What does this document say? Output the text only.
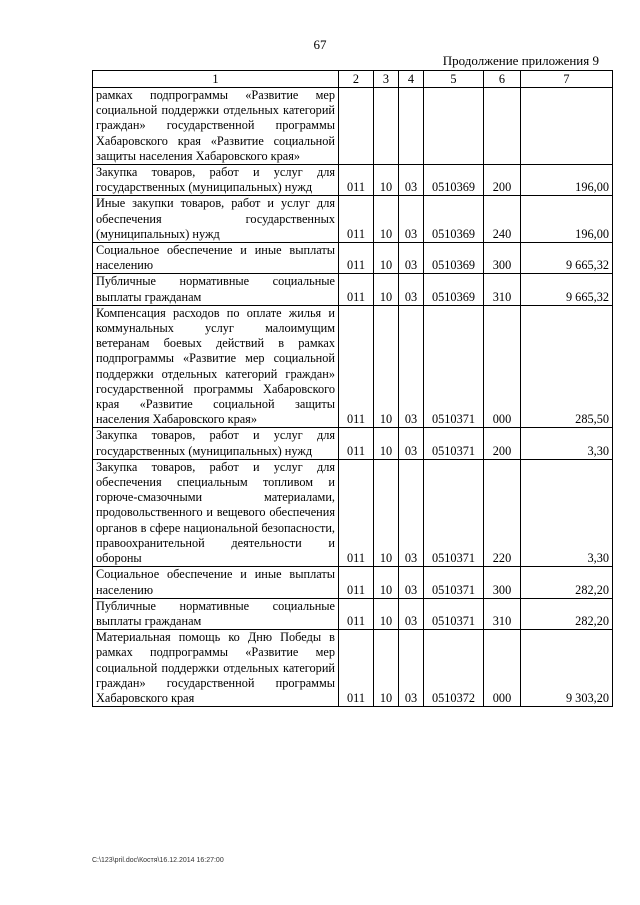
67
Продолжение приложения 9
1	2	3	4	5	6	7
рамках подпрограммы «Развитие мер социальной поддержки отдельных категорий граждан» государственной программы Хабаровского края «Развитие социальной защиты населения Хабаровского края»						
Закупка товаров, работ и услуг для государственных (муниципальных) нужд	011	10	03	0510369	200	196,00
Иные закупки товаров, работ и услуг для обеспечения государственных (муниципальных) нужд	011	10	03	0510369	240	196,00
Социальное обеспечение и иные выплаты населению	011	10	03	0510369	300	9 665,32
Публичные нормативные социальные выплаты гражданам	011	10	03	0510369	310	9 665,32
Компенсация расходов по оплате жилья и коммунальных услуг малоимущим ветеранам боевых действий в рамках подпрограммы «Развитие мер социальной поддержки отдельных категорий граждан» государственной программы Хабаровского края «Развитие социальной защиты населения Хабаровского края»	011	10	03	0510371	000	285,50
Закупка товаров, работ и услуг для государственных (муниципальных) нужд	011	10	03	0510371	200	3,30
Закупка товаров, работ и услуг для обеспечения специальным топливом и горюче-смазочными материалами, продовольственного и вещевого обеспечения органов в сфере национальной безопасности, правоохранительной деятельности и обороны	011	10	03	0510371	220	3,30
Социальное обеспечение и иные выплаты населению	011	10	03	0510371	300	282,20
Публичные нормативные социальные выплаты гражданам	011	10	03	0510371	310	282,20
Материальная помощь ко Дню Победы в рамках подпрограммы «Развитие мер социальной поддержки отдельных категорий граждан» государственной программы Хабаровского края	011	10	03	0510372	000	9 303,20
C:\123\pril.doc\Костя\16.12.2014 16:27:00
